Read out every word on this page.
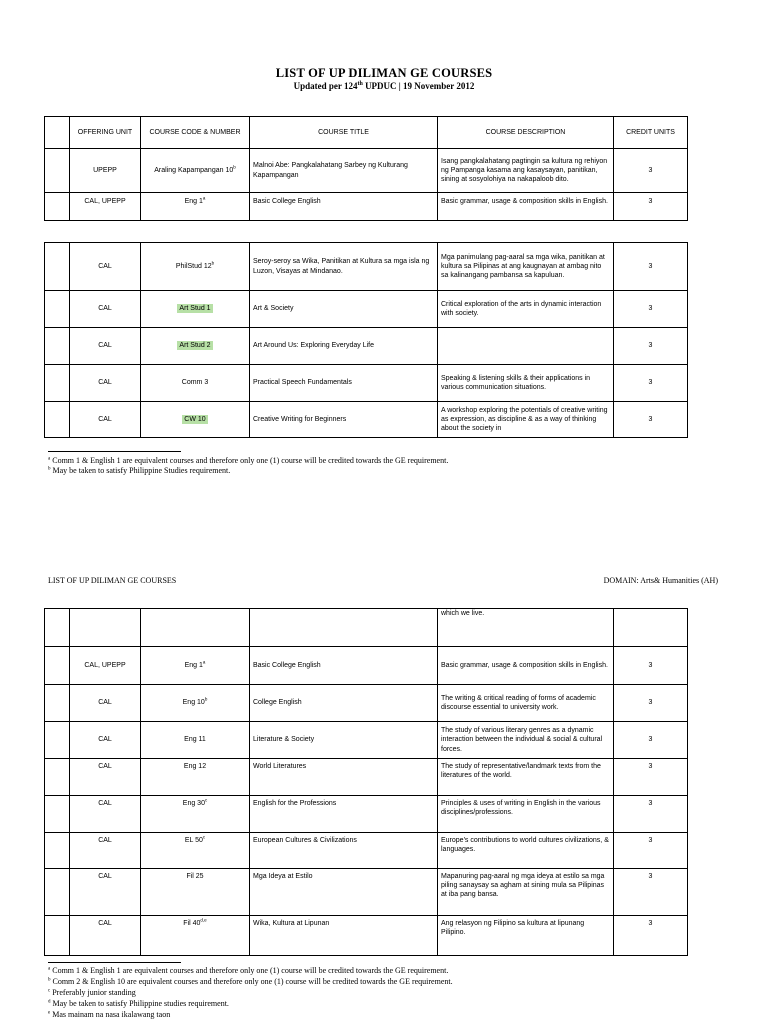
LIST OF UP DILIMAN GE COURSES
Updated per 124th UPDUC | 19 November 2012
	OFFERING UNIT	COURSE CODE & NUMBER	COURSE TITLE	COURSE DESCRIPTION	CREDIT UNITS
	UPEPP	Araling Kapampangan 10$^b$	Malnoi Abe: Pangkalahatang Sarbey ng Kulturang Kapampangan	Isang pangkalahatang pagtingin sa kultura ng rehiyon ng Pampanga kasama ang kasaysayan, panitikan, sining at sosyolohiya na nakapaloob dito.	3
	CAL, UPEPP	Eng 1$^a$	Basic College English	Basic grammar, usage & composition skills in English.	3
	CAL	PhilStud 12$^b$	Seroy-seroy sa Wika, Panitikan at Kultura sa mga isla ng Luzon, Visayas at Mindanao.	Mga panimulang pag-aaral sa mga wika, panitikan at kultura sa Pilipinas at ang kaugnayan at ambag nito sa kalinangang pambansa sa kapuluan.	3
	CAL	Art Stud 1	Art & Society	Critical exploration of the arts in dynamic interaction with society.	3
	CAL	Art Stud 2	Art Around Us: Exploring Everyday Life		3
	CAL	Comm 3	Practical Speech Fundamentals	Speaking & listening skills & their applications in various communication situations.	3
	CAL	CW 10	Creative Writing for Beginners	A workshop exploring the potentials of creative writing as expression, as discipline & as a way of thinking about the society in	3
$^a$ Comm 1 & English 1 are equivalent courses and therefore only one (1) course will be credited towards the GE requirement.
$^b$ May be taken to satisfy Philippine Studies requirement.
LIST OF UP DILIMAN GE COURSES	DOMAIN: Arts& Humanities (AH)
				which we live.	
	CAL, UPEPP	Eng 1$^a$	Basic College English	Basic grammar, usage & composition skills in English.	3
	CAL	Eng 10$^b$	College English	The writing & critical reading of forms of academic discourse essential to university work.	3
	CAL	Eng 11	Literature & Society	The study of various literary genres as a dynamic interaction between the individual & social & cultural forces.	3
	CAL	Eng 12	World Literatures	The study of representative/landmark texts from the literatures of the world.	3
	CAL	Eng 30$^c$	English for the Professions	Principles & uses of writing in English in the various disciplines/professions.	3
	CAL	EL 50$^c$	European Cultures & Civilizations	Europe's contributions to world cultures civilizations, & languages.	3
	CAL	Fil 25	Mga Ideya at Estilo	Mapanuring pag-aaral ng mga ideya at estilo sa mga piling sanaysay sa agham at sining mula sa Pilipinas at iba pang bansa.	3
	CAL	Fil 40$^{d,e}$	Wika, Kultura at Lipunan	Ang relasyon ng Filipino sa kultura at lipunang Pilipino.	3
$^a$ Comm 1 & English 1 are equivalent courses and therefore only one (1) course will be credited towards the GE requirement.
$^b$ Comm 2 & English 10 are equivalent courses and therefore only one (1) course will be credited towards the GE requirement.
$^c$ Preferably junior standing
$^d$ May be taken to satisfy Philippine studies requirement.
$^e$ Mas mainam na nasa ikalawang taon
